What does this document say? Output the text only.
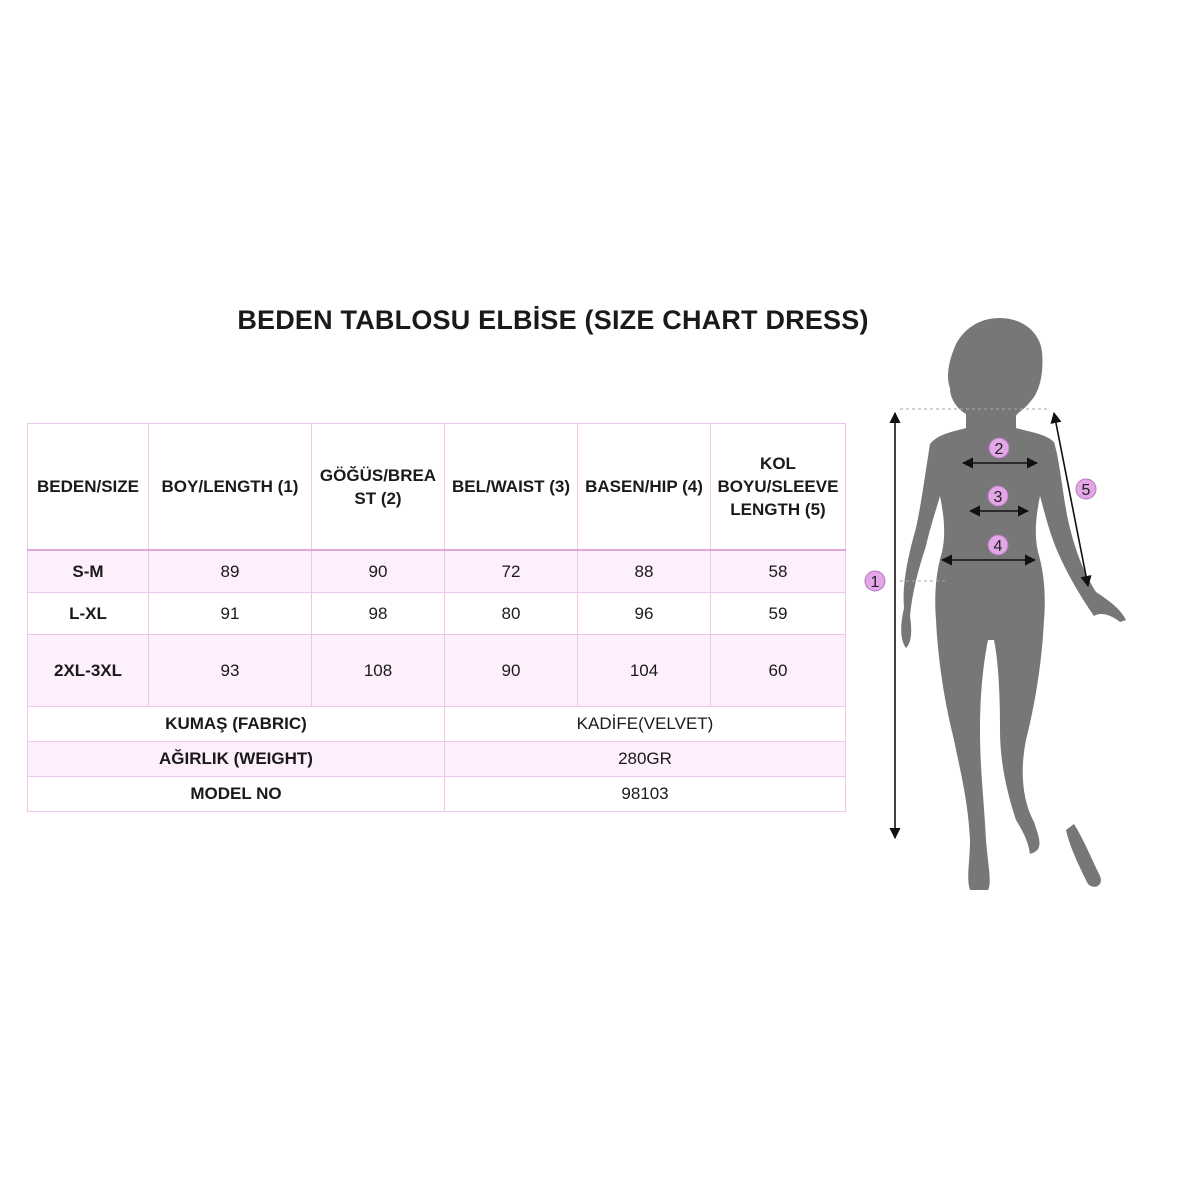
BEDEN TABLOSU ELBİSE (SIZE CHART DRESS)
BEDEN/SIZE	BOY/LENGTH (1)	GÖĞÜS/BREA ST (2)	BEL/WAIST (3)	BASEN/HIP (4)	KOL BOYU/SLEEVE LENGTH (5)
S-M	89	90	72	88	58
L-XL	91	98	80	96	59
2XL-3XL	93	108	90	104	60
KUMAŞ (FABRIC)			KADİFE(VELVET)		
AĞIRLIK (WEIGHT)			280GR		
MODEL NO			98103		
1
2
3
4
5
